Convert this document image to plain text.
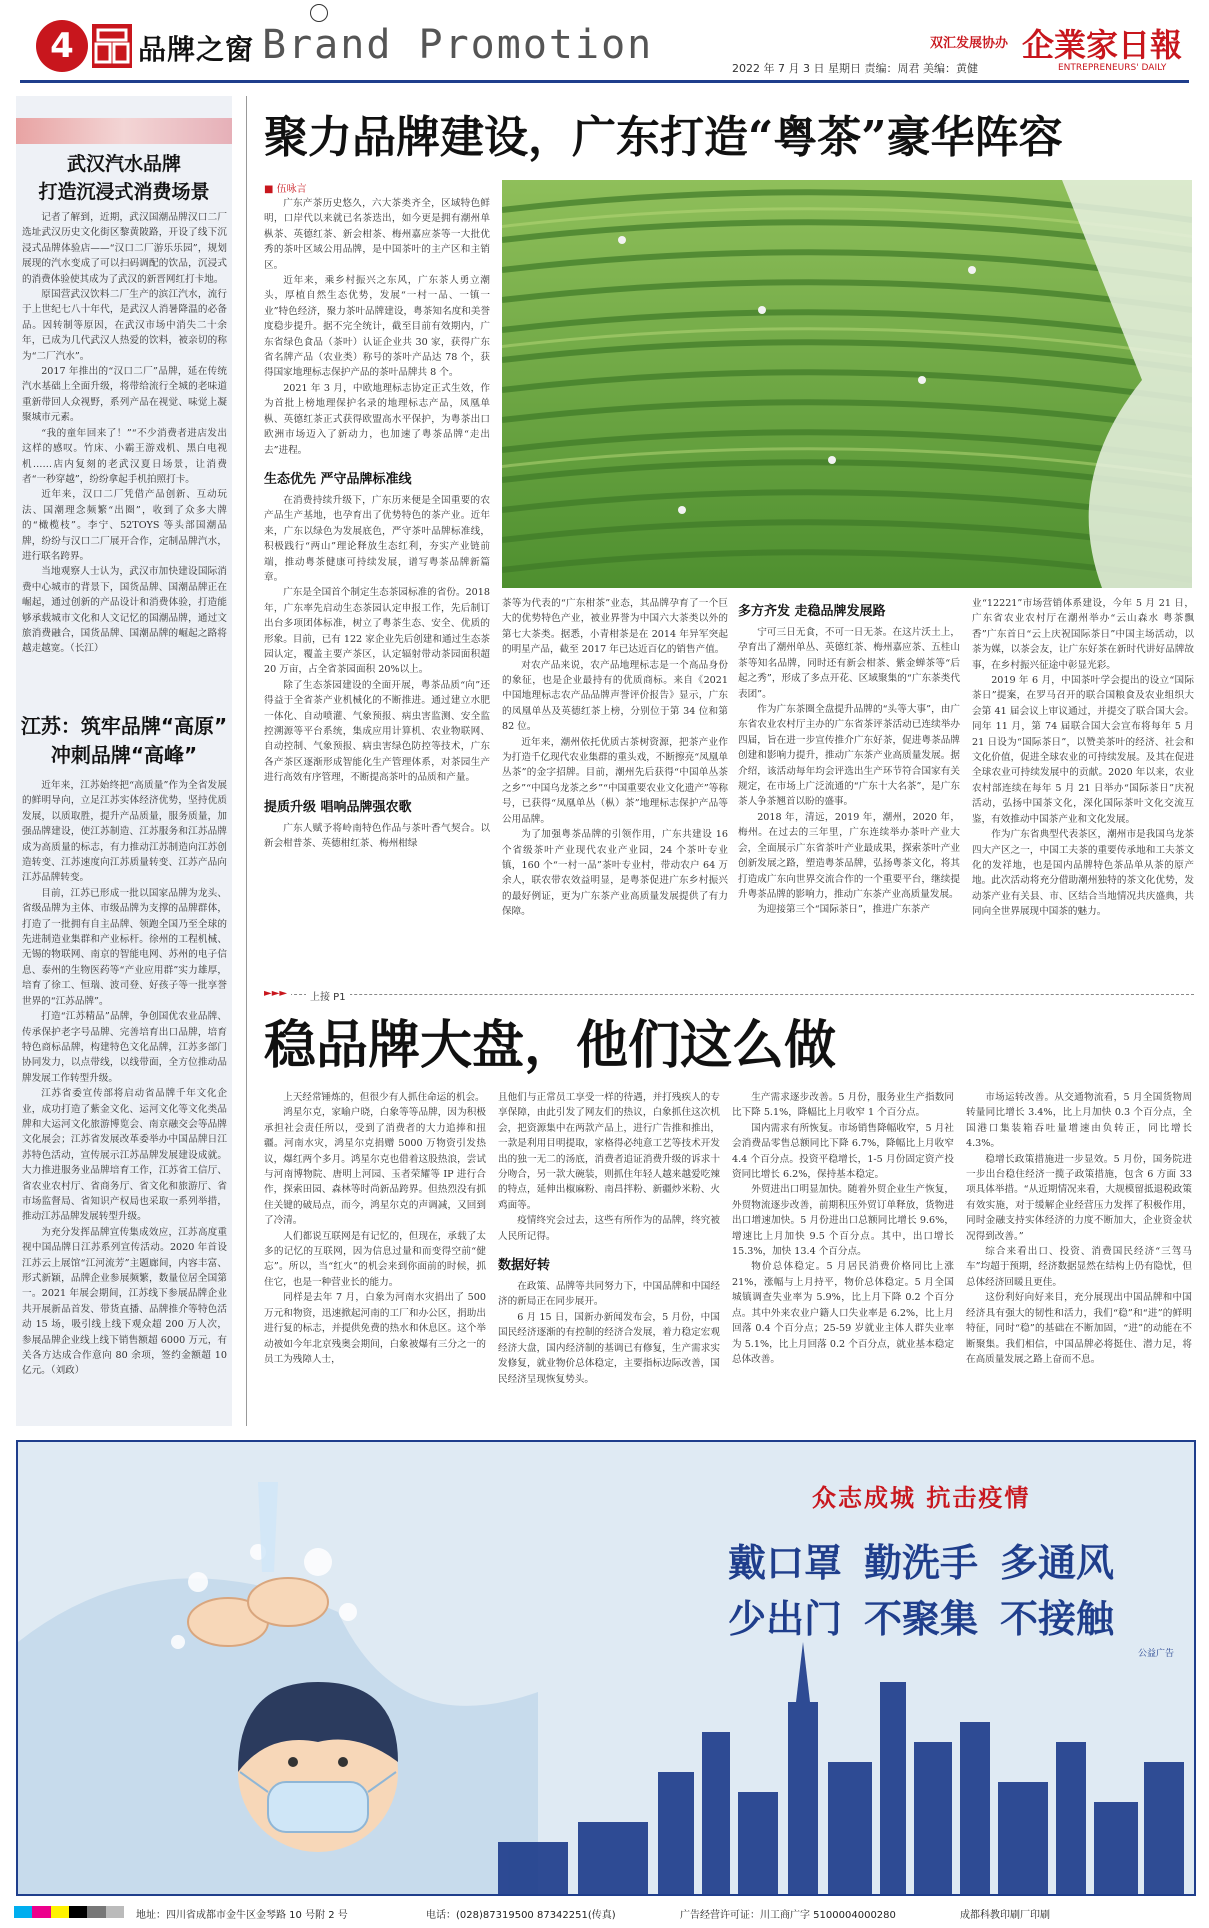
4	品牌之窗 Brand Promotion
2022 年 7 月 3 日 星期日 责编：周君 美编：黄健
双汇发展协办 企業家日報
ENTREPRENEURS' DAILY
武汉汽水品牌
打造沉浸式消费场景

记者了解到，近期，武汉国潮品牌汉口二厂选址武汉历史文化街区黎黄陂路，开设了线下沉浸式品牌体验店——“汉口二厂游乐乐园”，规划展现的汽水变成了可以扫码调配的饮品，沉浸式的消费体验使其成为了武汉的新晋网红打卡地。

原国营武汉饮料二厂生产的滨江汽水，流行于上世纪七八十年代，是武汉人消暑降温的必备品。因转制等原因，在武汉市场中消失二十余年，已成为几代武汉人热爱的饮料，被亲切的称为“二厂汽水”。

2017 年推出的“汉口二厂”品牌，延在传统汽水基础上全面升级，将带给流行全城的老味道重新带回人众视野，系列产品在视觉、味觉上凝聚城市元素。

“我的童年回来了！”“不少消费者进店发出这样的感叹。竹床、小霸王游戏机、黑白电视机……店内复刻的老武汉夏日场景，让消费者“一秒穿越”，纷纷拿起手机拍照打卡。

近年来，汉口二厂凭借产品创新、互动玩法、国潮理念频繁“出圈”，收到了众多大牌的“橄榄枝”。李宁、52TOYS 等头部国潮品牌，纷纷与汉口二厂展开合作，定制品牌汽水，进行联名跨界。

当地观察人士认为，武汉市加快建设国际消费中心城市的背景下，国货品牌、国潮品牌正在崛起，通过创新的产品设计和消费体验，打造能够承载城市文化和人文记忆的国潮品牌，通过文旅消费融合，国货品牌、国潮品牌的崛起之路将越走越宽。（长江）

江苏：筑牢品牌“高原”
冲刺品牌“高峰”

近年来，江苏始终把“高质量”作为全省发展的鲜明导向，立足江苏实体经济优势，坚持优质发展，以质取胜，提升产品质量，服务质量，加强品牌建设，使江苏制造、江苏服务和江苏品牌成为高质量的标志，有力推动江苏制造向江苏创造转变、江苏速度向江苏质量转变、江苏产品向江苏品牌转变。

目前，江苏已形成一批以国家品牌为龙头、省级品牌为主体、市级品牌为支撑的品牌群体，打造了一批拥有自主品牌、领跑全国乃至全球的先进制造业集群和产业标杆。徐州的工程机械、无锡的物联网、南京的智能电网、苏州的电子信息、泰州的生物医药等“产业应用群”实力雄厚，培育了徐工、恒瑞、波司登、好孩子等一批享誉世界的“江苏品牌”。

打造“江苏精品”品牌，争创国优农业品牌、传承保护老字号品牌、完善培育出口品牌，培育特色商标品牌，构建特色文化品牌，江苏多部门协同发力，以点带线，以线带面，全方位推动品牌发展工作转型升级。

江苏省委宣传部将启动省品牌千年文化企业，成功打造了紫金文化、运河文化等文化类品牌和大运河文化旅游博览会、南京融交会等品牌文化展会；江苏省发展改革委举办中国品牌日江苏特色活动，宣传展示江苏品牌发展建设成就。大力推进服务业品牌培育工作，江苏省工信厅、省农业农村厅、省商务厅、省文化和旅游厅、省市场监督局、省知识产权局也采取一系列举措，推动江苏品牌发展转型升级。

为充分发挥品牌宣传集成效应，江苏高度重视中国品牌日江苏系列宣传活动。2020 年首设江苏云上展馆“江河流芳”主题廊间，内容丰富、形式新颖，品牌企业参展频繁，数量位居全国第一。2021 年展会期间，江苏线下参展品牌企业共开展新品首发、带货直播、品牌推介等特色活动 15 场，吸引线上线下观众超 200 万人次，参展品牌企业线上线下销售额超 6000 万元，有关各方达成合作意向 80 余项，签约金额超 10 亿元。（刘政）

聚力品牌建设，广东打造“粤茶”豪华阵容
■ 伍咏言

广东产茶历史悠久，六大茶类齐全，区域特色鲜明，口岸代以来就已名茶迭出，如今更是拥有潮州单枞茶、英德红茶、新会柑茶、梅州嘉应茶等一大批优秀的茶叶区域公用品牌，是中国茶叶的主产区和主销区。

近年来，乘乡村振兴之东风，广东茶人勇立潮头，厚植自然生态优势，发展“一村一品、一镇一业”特色经济，聚力茶叶品牌建设，粤茶知名度和美誉度稳步提升。据不完全统计，截至目前有效期内，广东省绿色食品（茶叶）认证企业共 30 家，获得广东省名牌产品（农业类）称号的茶叶产品达 78 个，获得国家地理标志保护产品的茶叶品牌共 8 个。

2021 年 3 月，中欧地理标志协定正式生效，作为首批上榜地理保护名录的地理标志产品，凤凰单枞、英德红茶正式获得欧盟高水平保护，为粤茶出口欧洲市场迈入了新动力，也加速了粤茶品牌“走出去”进程。

生态优先 严守品牌标准线

在消费持续升级下，广东历来便是全国重要的农产品生产基地，也孕育出了优势特色的茶产业。近年来，广东以绿色为发展底色，严守茶叶品牌标准线，积极践行“两山”理论释放生态红利，夯实产业链前端，推动粤茶健康可持续发展，谱写粤茶品牌新篇章。

广东是全国首个制定生态茶园标准的省份。2018 年，广东率先启动生态茶园认定申报工作，先后制订出台多项团体标准，树立了粤茶生态、安全、优质的形象。目前，已有 122 家企业先后创建和通过生态茶园认定，覆盖主要产茶区，认定辐射带动茶园面积超 20 万亩，占全省茶园面积 20%以上。

除了生态茶园建设的全面开展，粤茶品质“向”还得益于全省茶产业机械化的不断推进。通过建立水肥一体化、自动喷灌、气象预报、病虫害监测、安全监控溯源等平台系统，集成应用计算机、农业物联网、自动控制、气象预报、病虫害绿色防控等技术，广东各产茶区逐渐形成智能化生产管理体系，对茶园生产进行高效有序管理，不断提高茶叶的品质和产量。

提质升级 唱响品牌强农歌

广东人赋予将岭南特色作品与茶叶香气契合。以新会柑普茶、英德柑红茶、梅州柑绿

茶等为代表的“广东柑茶”业态，其品牌孕育了一个巨大的优势特色产业，被业界誉为中国六大茶类以外的第七大茶类。据悉，小青柑茶是在 2014 年异军突起的明星产品，截至 2017 年已达近百亿的销售产值。

对农产品来说，农产品地理标志是一个高品身份的象征，也是企业最持有的优质商标。来自《2021 中国地理标志农产品品牌声誉评价报告》显示，广东的凤凰单丛及英德红茶上榜，分别位于第 34 位和第 82 位。

近年来，潮州依托优质古茶树资源，把茶产业作为打造千亿现代农业集群的重头戏，不断擦亮“凤凰单丛茶”的金字招牌。目前，潮州先后获得“中国单丛茶之乡”“中国乌龙茶之乡”“中国重要农业文化遗产”等称号，已获得“凤凰单丛（枞）茶”地理标志保护产品等公用品牌。

为了加强粤茶品牌的引领作用，广东共建设 16 个省级茶叶产业现代农业产业园，24 个茶叶专业镇，160 个“一村一品”茶叶专业村，带动农户 64 万余人，联农带农效益明显，是粤茶促进广东乡村振兴的最好例证，更为广东茶产业高质量发展提供了有力保障。

多方齐发 走稳品牌发展路

宁可三日无食，不可一日无茶。在这片沃土上，孕育出了潮州单丛、英德红茶、梅州嘉应茶、五桂山茶等知名品牌，同时还有新会柑茶、紫金蝉茶等“后起之秀”，形成了多点开花、区域聚集的“广东茶类代表团”。

作为广东茶圈全盘提升品牌的“头等大事”，由广东省农业农村厅主办的广东省茶评茶活动已连续举办四届，旨在进一步宣传推介广东好茶，促进粤茶品牌创建和影响力提升，推动广东茶产业高质量发展。据介绍，该活动每年均会评选出生产环节符合国家有关规定，在市场上广泛流通的“广东十大名茶”，是广东茶人争茶翘首以盼的盛事。

2018 年，清远，2019 年，潮州，2020 年，梅州。在过去的三年里，广东连续举办茶叶产业大会，全面展示广东省茶叶产业最成果，探索茶叶产业创新发展之路，塑造粤茶品牌，弘扬粤茶文化，将其打造成广东向世界交流合作的一个重要平台，继续提升粤茶品牌的影响力，推动广东茶产业高质量发展。

为迎接第三个“国际茶日”，推进广东茶产

业“12221”市场营销体系建设，今年 5 月 21 日，广东省农业农村厅在潮州举办“云山森水 粤茶飘香”广东首日“云上庆祝国际茶日”中国主场活动，以茶为媒，以茶会友，让广东好茶在新时代讲好品牌故事，在乡村振兴征途中彰显光彩。

2019 年 6 月，中国茶叶学会提出的设立“国际茶日”提案，在罗马召开的联合国粮食及农业组织大会第 41 届会议上审议通过，并提交了联合国大会。同年 11 月，第 74 届联合国大会宣布将每年 5 月 21 日设为“国际茶日”，以赞美茶叶的经济、社会和文化价值，促进全球农业的可持续发展。及其在促进全球农业可持续发展中的贡献。2020 年以来，农业农村部连续在每年 5 月 21 日举办“国际茶日”庆祝活动，弘扬中国茶文化，深化国际茶叶文化交流互鉴，有效推动中国茶产业和文化发展。

作为广东省典型代表茶区，潮州市是我国乌龙茶四大产区之一，中国工夫茶的重要传承地和工夫茶文化的发祥地，也是国内品牌特色茶品单从茶的原产地。此次活动将充分借助潮州独特的茶文化优势，发动茶产业有关县、市、区结合当地情况共庆盛典，共同向全世界展现中国茶的魅力。

►►►	上接 P1
稳品牌大盘，他们这么做

上天经常锤炼的，但很少有人抓住命运的机会。

鸿星尔克，家喻户晓，白象等等品牌，因为积极承担社会责任所以，受到了消费者的大力追捧和扭疆。河南水灾，鸿星尔克捐赠 5000 万物资引发热议，爆红两个多月。鸿星尔克也借着这股热浪，尝试与河南博物院、唐明上河园、玉者荣耀等 IP 进行合作，探索田园、森林等时尚新品跨界。但热烈没有抓住关键的破局点，而今，鸿星尔克的声调减，又回到了冷清。

人们都说互联网是有记忆的，但现在，承载了太多的记忆的互联网，因为信息过量和而变得空前“健忘”。所以，当“红火”的机会来到你面前的时候，抓住它，也是一种营业长的能力。

同样是去年 7 月，白象为河南水灾捐出了 500 万元和物资，迅速掀起河南的工厂和办公区，捐助出进行复的标志，并提供免费的热水和休息区。这个举动被如今年北京残奥会期间，白象被爆有三分之一的员工为残障人士，

且他们与正常员工享受一样的待遇，并打残疾人的专享保障，由此引发了网友们的热议，白象抓住这次机会，把资源集中在两款产品上，进行广告推和推出，一款是利用目明提取，家格得必纯意工艺等技术开发出的独一无二的汤底，消费者追证消费升级的诉求十分吻合，另一款大碗装，则抓住年轻人越来越爱吃辣的特点，延伸出椒麻粉、南昌拌粉、新疆炒米粉、火鸡面等。

疫情终究会过去，这些有所作为的品牌，终究被人民所记得。

数据好转

在政策、品牌等共同努力下，中国品牌和中国经济的新局正在同步展开。

6 月 15 日，国新办新闻发布会，5 月份，中国国民经济逐渐的有控制的经济合发展，着力稳定宏观经济大盘，国内经济制的基调已有修复，生产需求实发修复，就业物价总体稳定，主要指标边际改善，国民经济呈现恢复势头。

生产需求逐步改善。5 月份，服务业生产指数同比下降 5.1%，降幅比上月收窄 1 个百分点。

国内需求有所恢复。市场销售降幅收窄，5 月社会消费品零售总额同比下降 6.7%，降幅比上月收窄 4.4 个百分点。投资平稳增长，1-5 月份固定资产投资同比增长 6.2%，保持基本稳定。

外贸进出口明显加快。随着外贸企业生产恢复，外贸物流逐步改善，前期积压外贸订单释放，货物进出口增速加快。5 月份进出口总额同比增长 9.6%，增速比上月加快 9.5 个百分点。其中，出口增长 15.3%，加快 13.4 个百分点。

物价总体稳定。5 月居民消费价格同比上涨 21%，涨幅与上月持平，物价总体稳定。5 月全国城镇调查失业率为 5.9%，比上月下降 0.2 个百分点。其中外来农业户籍人口失业率是 6.2%，比上月回落 0.4 个百分点；25-59 岁就业主体人群失业率为 5.1%，比上月回落 0.2 个百分点，就业基本稳定总体改善。

市场运转改善。从交通物流看，5 月全国货物周转量同比增长 3.4%，比上月加快 0.3 个百分点，全国港口集装箱吞吐量增速由负转正，同比增长 4.3%。

稳增长政策措施进一步显效。5 月份，国务院进一步出台稳住经济一揽子政策措施，包含 6 方面 33 项具体举措。“从近期情况来看，大规模留抵退税政策有效实施，对于缓解企业经营压力发挥了积极作用，同时金融支持实体经济的力度不断加大，企业资金状况得到改善。”

综合来看出口、投资、消费国民经济“三驾马车”均超于预期，经济数据显然在结构上仍有隐忧，但总体经济回暖且更佳。

这份利好向好来目，充分展现出中国品牌和中国经济具有强大的韧性和活力，我们“稳”和“进”的鲜明特征，同时“稳”的基础在不断加固，“进”的动能在不断聚集。我们相信，中国品牌必将挺住、潜力足，将在高质量发展之路上奋而不息。

众志成城 抗击疫情
戴口罩 勤洗手 多通风
少出门 不聚集 不接触
公益广告
地址：四川省成都市金牛区金琴路 10 号附 2 号	电话：(028)87319500 87342251(传真)	广告经营许可证：川工商广字 5100004000280	成都科教印刷厂印刷
